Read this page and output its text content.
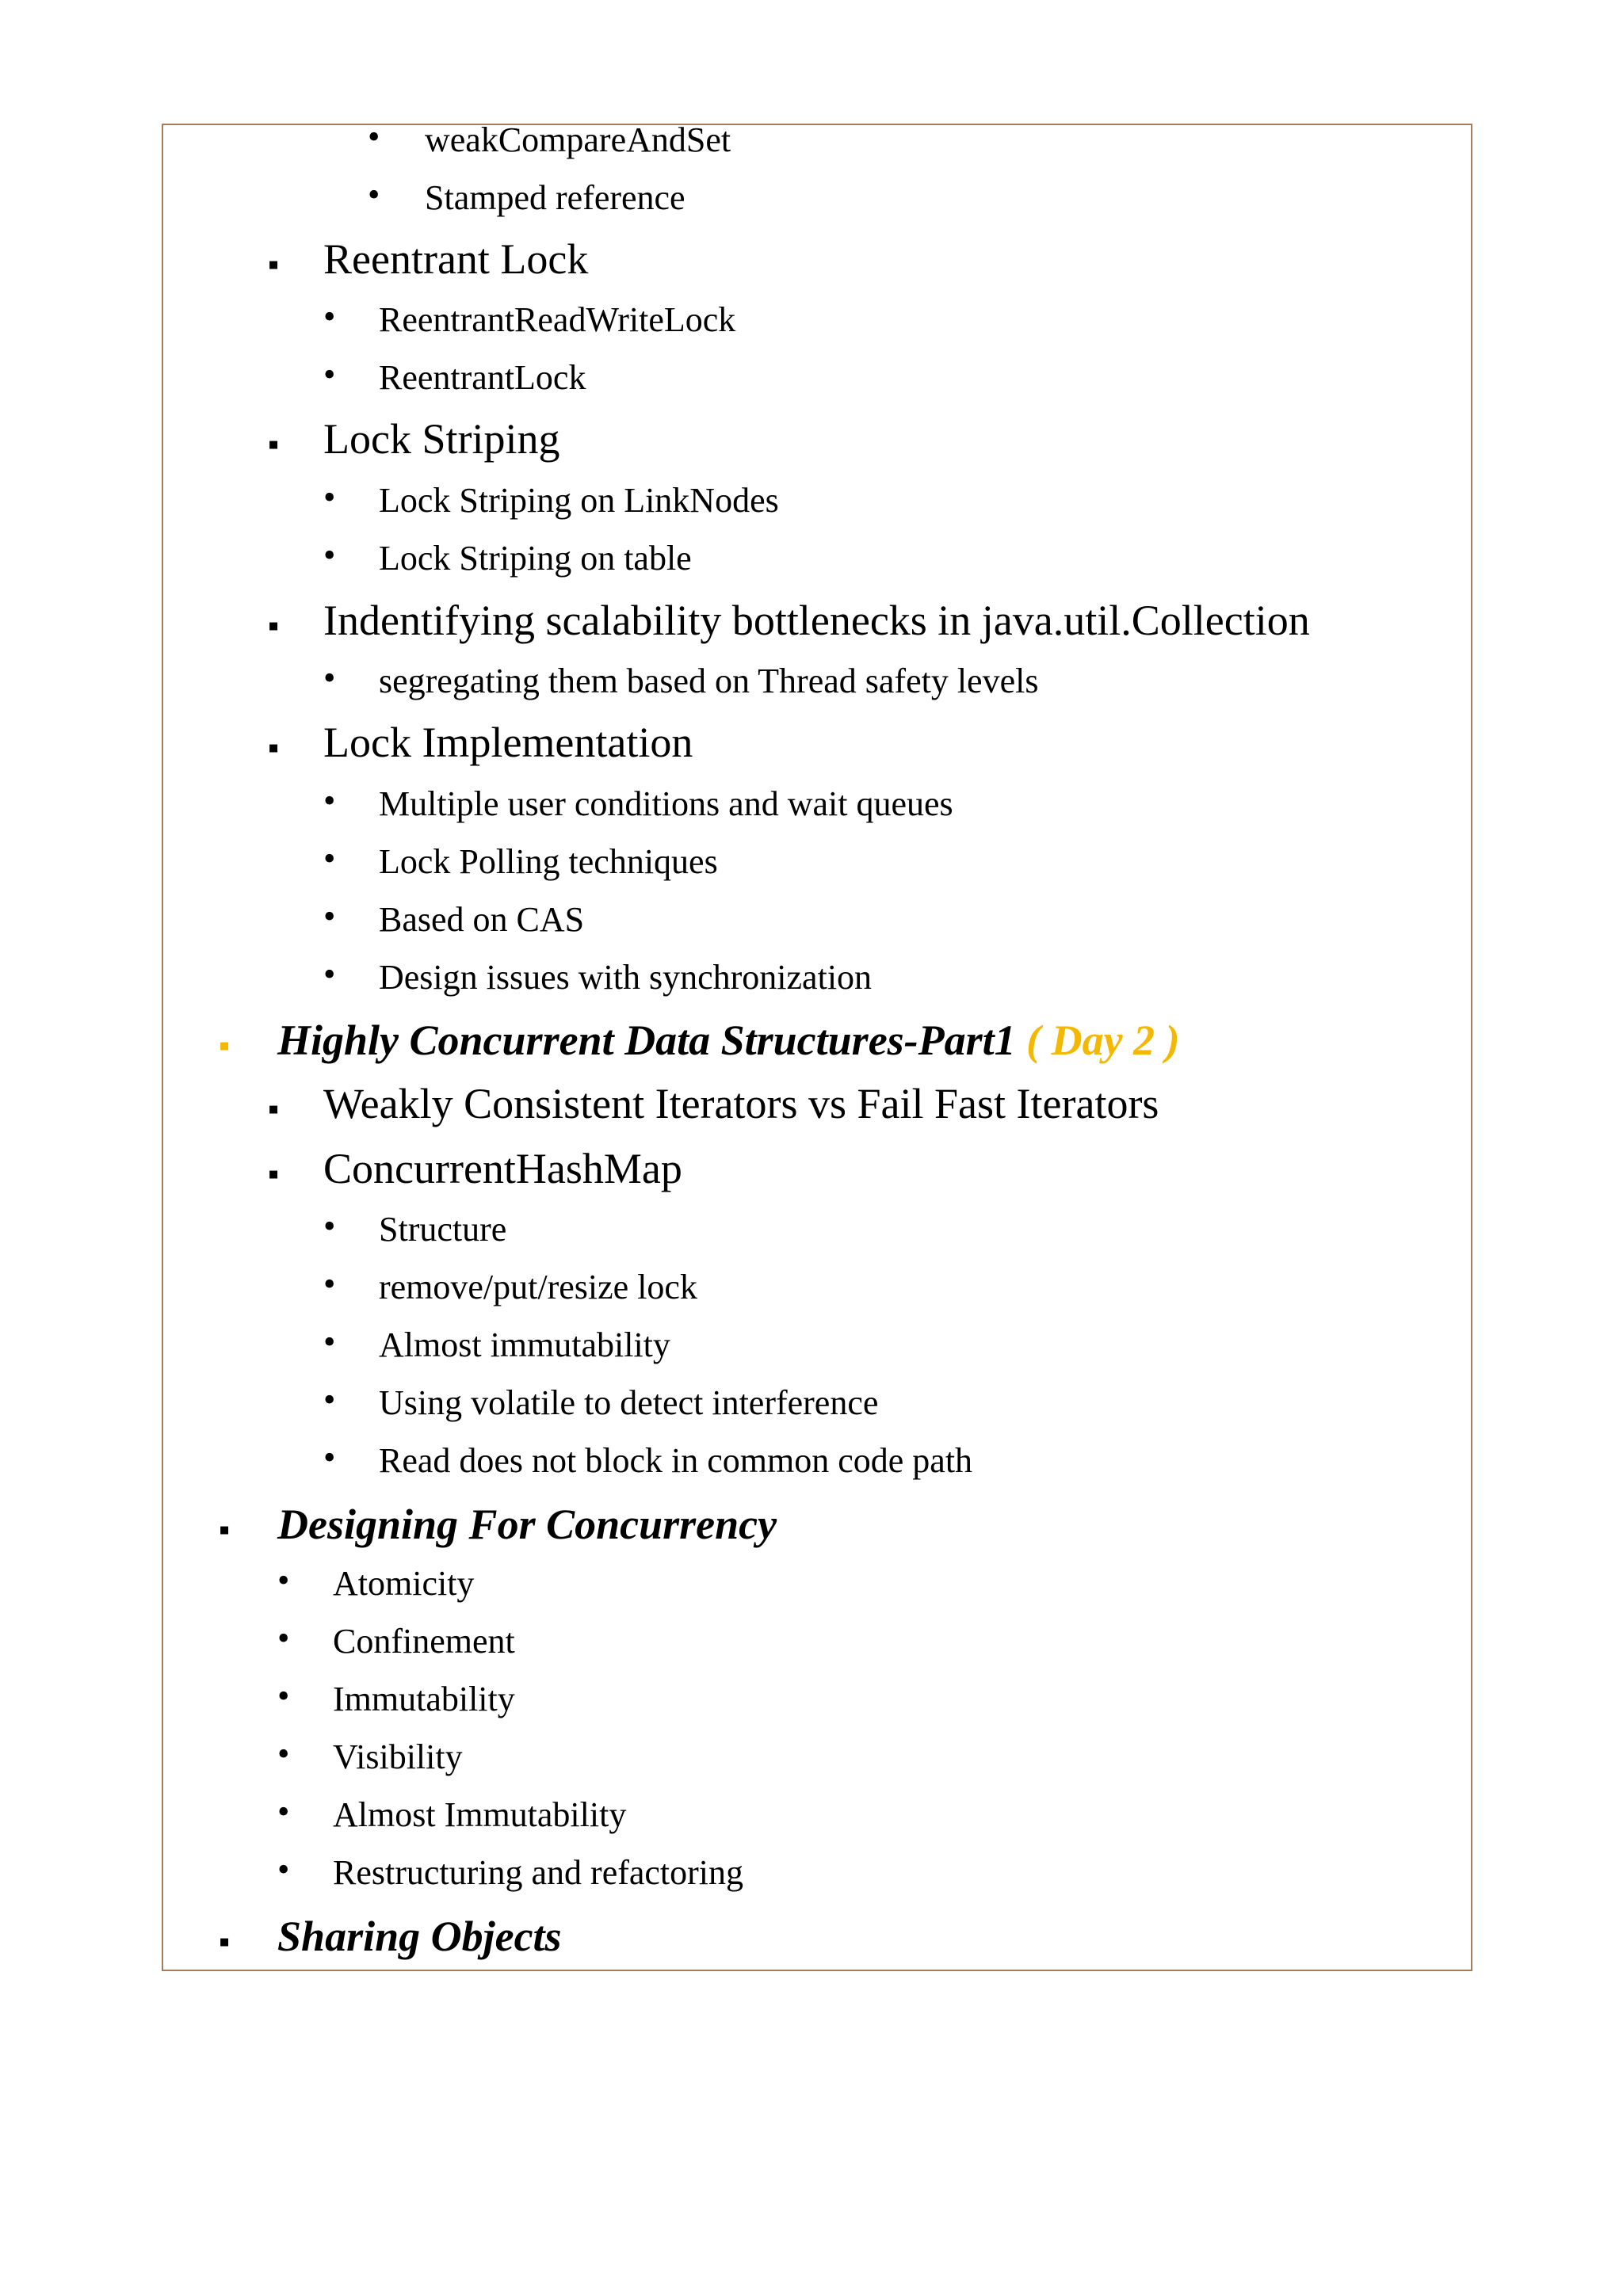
• weakCompareAndSet
• Stamped reference
▪ Reentrant Lock
• ReentrantReadWriteLock
• ReentrantLock
▪ Lock Striping
• Lock Striping on LinkNodes
• Lock Striping on table
▪ Indentifying scalability bottlenecks in java.util.Collection
• segregating them based on Thread safety levels
▪ Lock Implementation
• Multiple user conditions and wait queues
• Lock Polling techniques
• Based on CAS
• Design issues with synchronization
▪ Highly Concurrent Data Structures-Part1 ( Day 2 )
▪ Weakly Consistent Iterators vs Fail Fast Iterators
▪ ConcurrentHashMap
• Structure
• remove/put/resize lock
• Almost immutability
• Using volatile to detect interference
• Read does not block in common code path
▪ Designing For Concurrency
• Atomicity
• Confinement
• Immutability
• Visibility
• Almost Immutability
• Restructuring and refactoring
▪ Sharing Objects
